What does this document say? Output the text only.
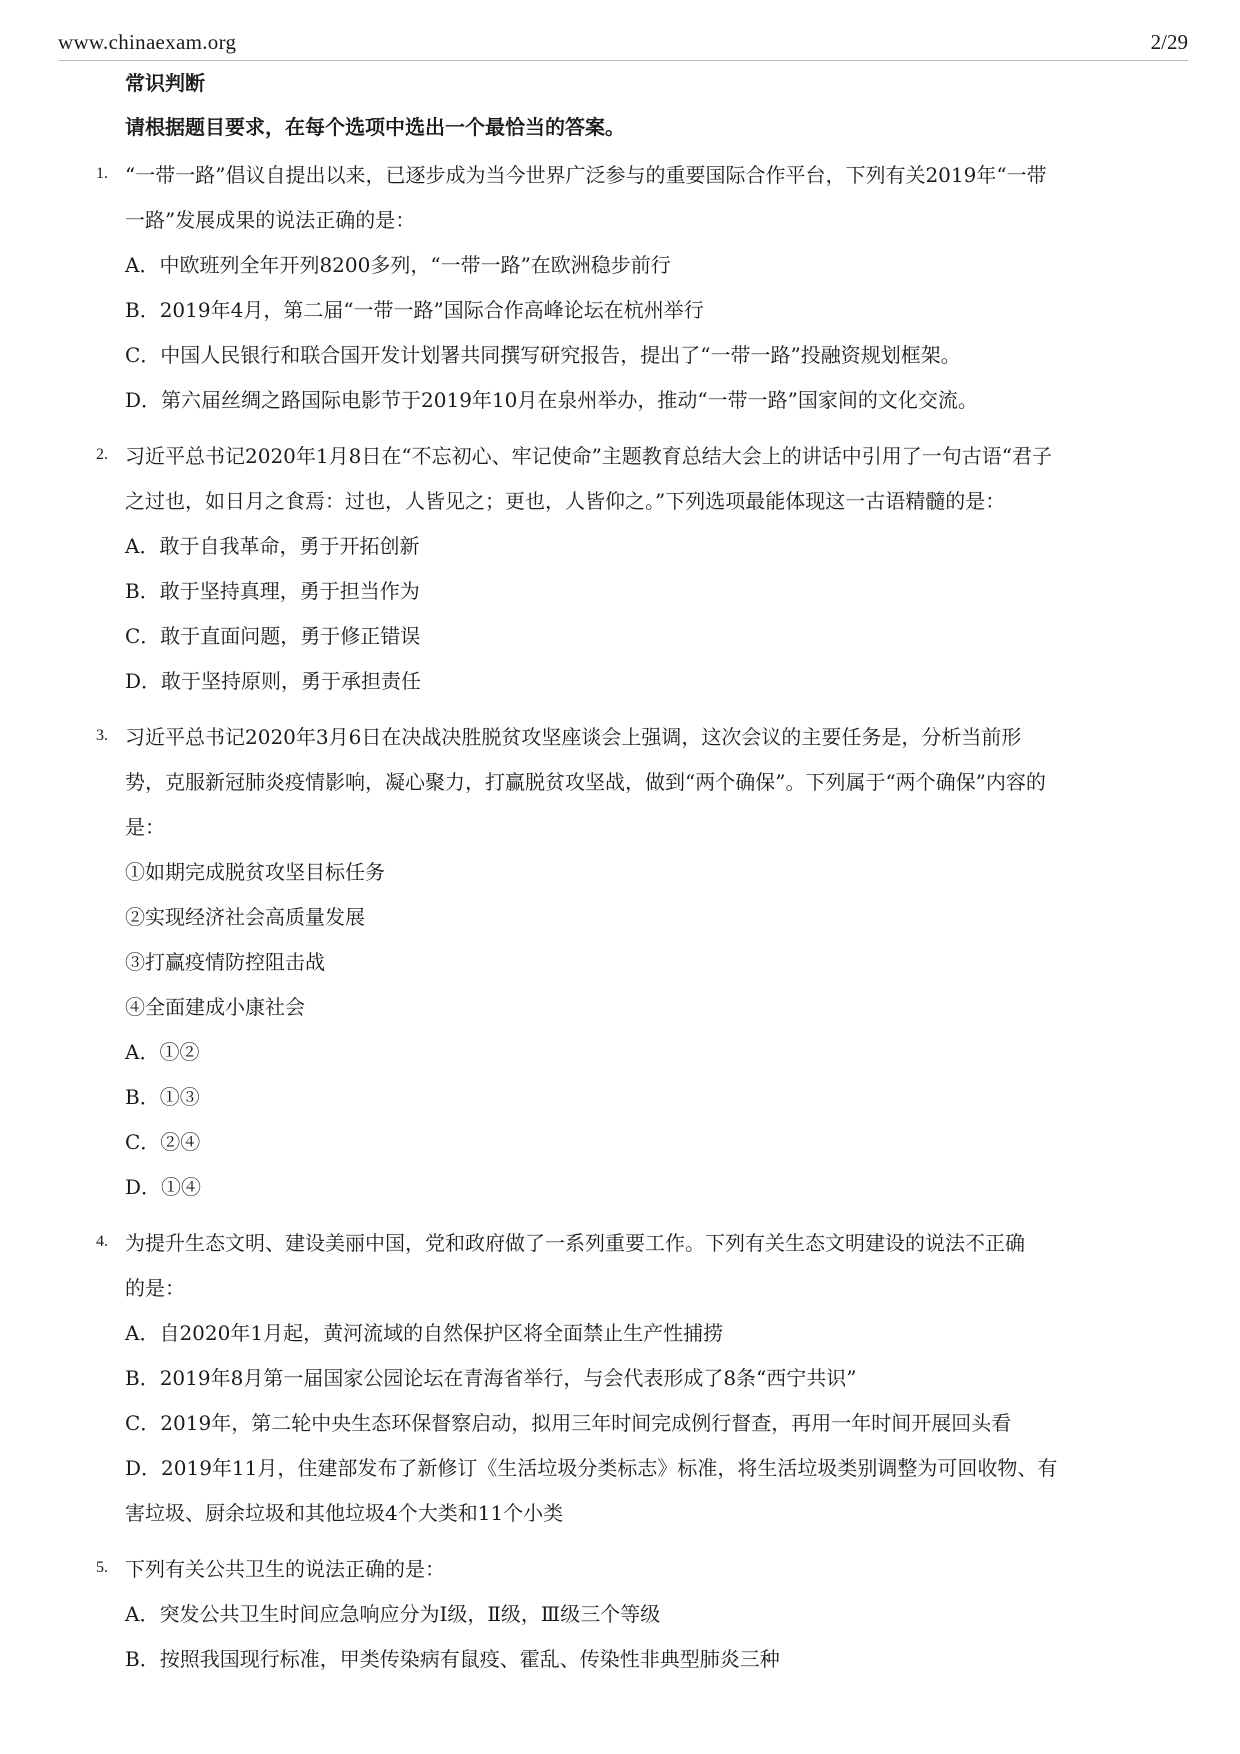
www.chinaexam.org	2/29
常识判断
请根据题目要求，在每个选项中选出一个最恰当的答案。
1. “一带一路”倡议自提出以来，已逐步成为当今世界广泛参与的重要国际合作平台，下列有关2019年“一带
一路”发展成果的说法正确的是：
A．中欧班列全年开列8200多列，“一带一路”在欧洲稳步前行
B．2019年4月，第二届“一带一路”国际合作高峰论坛在杭州举行
C．中国人民银行和联合国开发计划署共同撰写研究报告，提出了“一带一路”投融资规划框架。
D．第六届丝绸之路国际电影节于2019年10月在泉州举办，推动“一带一路”国家间的文化交流。
2. 习近平总书记2020年1月8日在“不忘初心、牢记使命”主题教育总结大会上的讲话中引用了一句古语“君子
之过也，如日月之食焉：过也，人皆见之；更也，人皆仰之。”下列选项最能体现这一古语精髓的是：
A．敢于自我革命，勇于开拓创新
B．敢于坚持真理，勇于担当作为
C．敢于直面问题，勇于修正错误
D．敢于坚持原则，勇于承担责任
3. 习近平总书记2020年3月6日在决战决胜脱贫攻坚座谈会上强调，这次会议的主要任务是，分析当前形
势，克服新冠肺炎疫情影响，凝心聚力，打赢脱贫攻坚战，做到“两个确保”。下列属于“两个确保”内容的
是：
①如期完成脱贫攻坚目标任务
②实现经济社会高质量发展
③打赢疫情防控阻击战
④全面建成小康社会
A．①②
B．①③
C．②④
D．①④
4. 为提升生态文明、建设美丽中国，党和政府做了一系列重要工作。下列有关生态文明建设的说法不正确
的是：
A．自2020年1月起，黄河流域的自然保护区将全面禁止生产性捕捞
B．2019年8月第一届国家公园论坛在青海省举行，与会代表形成了8条“西宁共识”
C．2019年，第二轮中央生态环保督察启动，拟用三年时间完成例行督查，再用一年时间开展回头看
D．2019年11月，住建部发布了新修订《生活垃圾分类标志》标准，将生活垃圾类别调整为可回收物、有
害垃圾、厨余垃圾和其他垃圾4个大类和11个小类
5. 下列有关公共卫生的说法正确的是：
A．突发公共卫生时间应急响应分为Ⅰ级，Ⅱ级，Ⅲ级三个等级
B．按照我国现行标准，甲类传染病有鼠疫、霍乱、传染性非典型肺炎三种
